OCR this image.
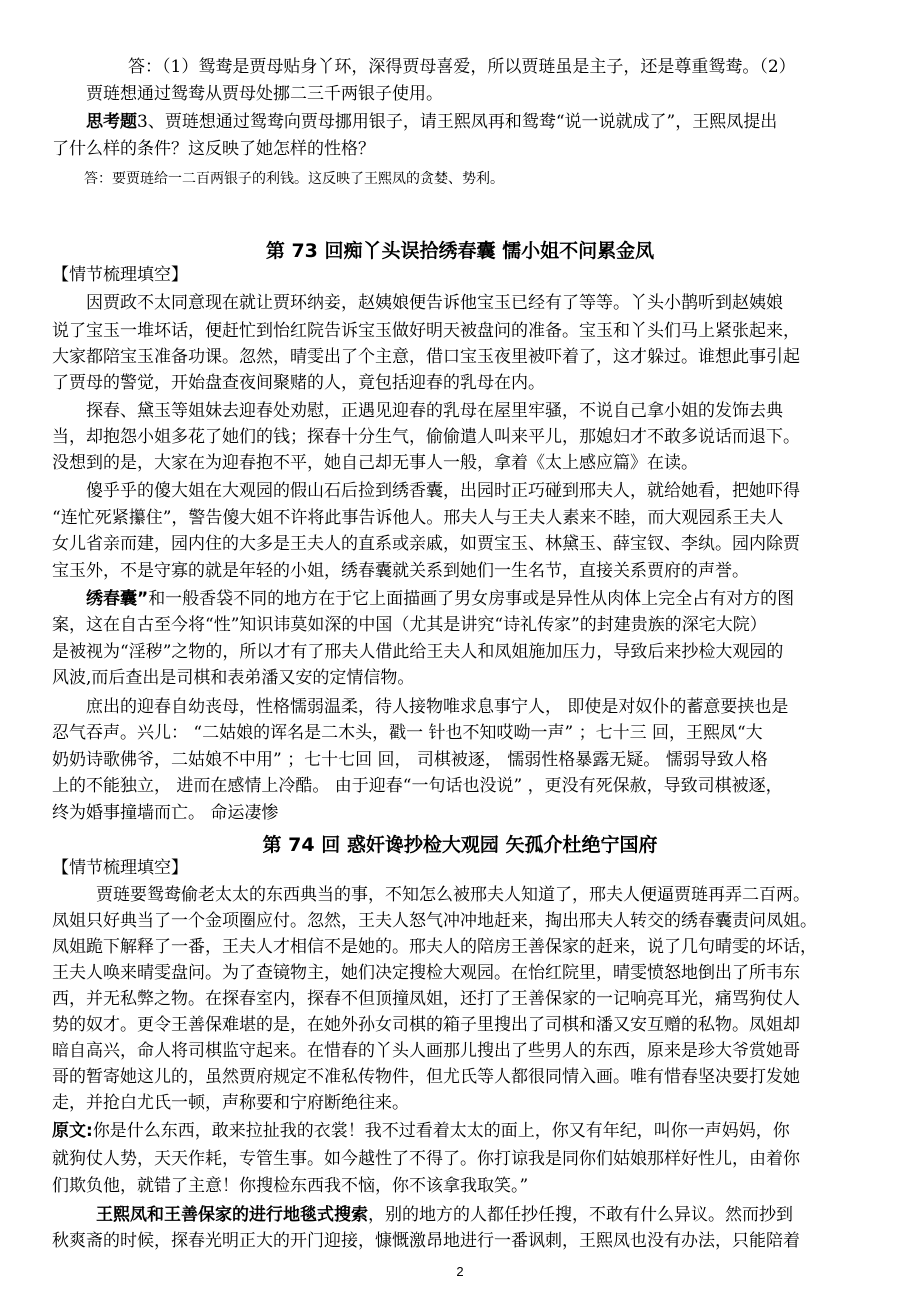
答：（1）鸳鸯是贾母贴身丫环，深得贾母喜爱，所以贾琏虽是主子，还是尊重鸳鸯。（2）
贾琏想通过鸳鸯从贾母处挪二三千两银子使用。
思考题3、贾琏想通过鸳鸯向贾母挪用银子，请王熙凤再和鸳鸯“说一说就成了”，王熙凤提出
了什么样的条件？这反映了她怎样的性格？
答：要贾琏给一二百两银子的利钱。这反映了王熙凤的贪婪、势利。
第 73 回痴丫头误拾绣春囊 懦小姐不问累金凤
【情节梳理填空】
因贾政不太同意现在就让贾环纳妾，赵姨娘便告诉他宝玉已经有了等等。丫头小鹊听到赵姨娘
说了宝玉一堆坏话，便赶忙到怡红院告诉宝玉做好明天被盘问的准备。宝玉和丫头们马上紧张起来，
大家都陪宝玉准备功课。忽然，晴雯出了个主意，借口宝玉夜里被吓着了，这才躲过。谁想此事引起
了贾母的警觉，开始盘查夜间聚赌的人，竟包括迎春的乳母在内。
探春、黛玉等姐妹去迎春处劝慰，正遇见迎春的乳母在屋里牢骚，不说自己拿小姐的发饰去典
当，却抱怨小姐多花了她们的钱；探春十分生气，偷偷遣人叫来平儿，那媳妇才不敢多说话而退下。
没想到的是，大家在为迎春抱不平，她自己却无事人一般，拿着《太上感应篇》在读。
傻乎乎的傻大姐在大观园的假山石后捡到绣香囊，出园时正巧碰到邢夫人，就给她看，把她吓得
“连忙死紧攥住”，警告傻大姐不许将此事告诉他人。邢夫人与王夫人素来不睦，而大观园系王夫人
女儿省亲而建，园内住的大多是王夫人的直系或亲戚，如贾宝玉、林黛玉、薛宝钗、李纨。园内除贾
宝玉外，不是守寡的就是年轻的小姐，绣春囊就关系到她们一生名节，直接关系贾府的声誉。
绣春囊”和一般香袋不同的地方在于它上面描画了男女房事或是异性从肉体上完全占有对方的图
案，这在自古至今将“性”知识讳莫如深的中国（尤其是讲究“诗礼传家”的封建贵族的深宅大院）
是被视为“淫秽”之物的，所以才有了邢夫人借此给王夫人和凤姐施加压力，导致后来抄检大观园的
风波,而后查出是司棋和表弟潘又安的定情信物。
庶出的迎春自幼丧母，性格懦弱温柔，待人接物唯求息事宁人， 即使是对奴仆的蓄意要挟也是
忍气吞声。兴儿： “二姑娘的诨名是二木头，戳一 针也不知哎呦一声” ；七十三 回，王熙凤“大
奶奶诗歌佛爷，二姑娘不中用” ；七十七回 回， 司棋被逐， 懦弱性格暴露无疑。 懦弱导致人格
上的不能独立， 进而在感情上冷酷。 由于迎春“一句话也没说” ，更没有死保赦，导致司棋被逐，
终为婚事撞墙而亡。 命运凄惨
第 74 回 惑奸谗抄检大观园 矢孤介杜绝宁国府
【情节梳理填空】
贾琏要鸳鸯偷老太太的东西典当的事，不知怎么被邢夫人知道了，邢夫人便逼贾琏再弄二百两。
凤姐只好典当了一个金项圈应付。忽然，王夫人怒气冲冲地赶来，掏出邢夫人转交的绣春囊责问凤姐。
凤姐跪下解释了一番，王夫人才相信不是她的。邢夫人的陪房王善保家的赶来，说了几句晴雯的坏话，
王夫人唤来晴雯盘问。为了查镜物主，她们决定搜检大观园。在怡红院里，晴雯愤怒地倒出了所韦东
西，并无私弊之物。在探春室内，探春不但顶撞凤姐，还打了王善保家的一记响亮耳光，痛骂狗仗人
势的奴才。更令王善保难堪的是，在她外孙女司棋的箱子里搜出了司棋和潘又安互赠的私物。凤姐却
暗自高兴，命人将司棋监守起来。在惜春的丫头人画那儿搜出了些男人的东西，原来是珍大爷赏她哥
哥的暂寄她这儿的，虽然贾府规定不准私传物件，但尤氏等人都很同情入画。唯有惜春坚决要打发她
走，并抢白尤氏一顿，声称要和宁府断绝往来。
原文:你是什么东西，敢来拉扯我的衣裳！我不过看着太太的面上，你又有年纪，叫你一声妈妈，你
就狗仗人势，天天作耗，专管生事。如今越性了不得了。你打谅我是同你们姑娘那样好性儿，由着你
们欺负他，就错了主意！你搜检东西我不恼，你不该拿我取笑。”
王熙凤和王善保家的进行地毯式搜索，别的地方的人都任抄任搜，不敢有什么异议。然而抄到
秋爽斋的时候，探春光明正大的开门迎接，慷慨激昂地进行一番讽刺，王熙凤也没有办法，只能陪着
2
